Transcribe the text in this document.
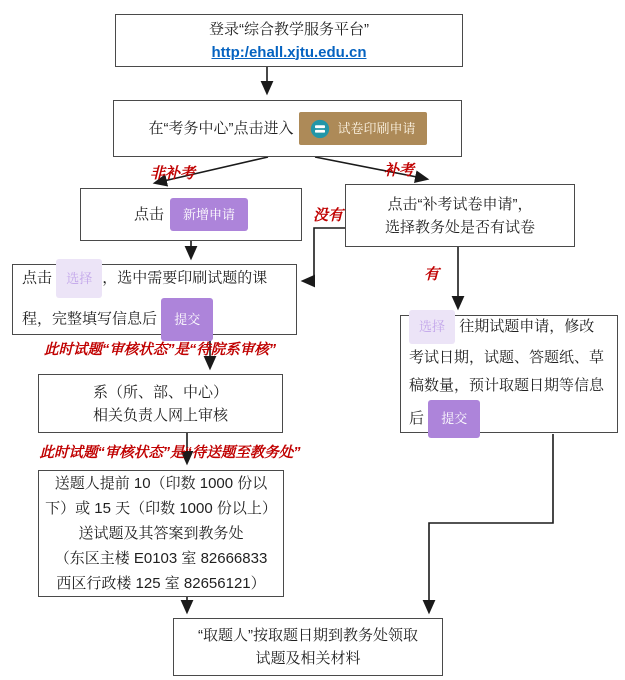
登录“综合教学服务平台”
http:/ehall.xjtu.edu.cn
在“考务中心”点击进入	试卷印刷申请
非补考	补考
点击	新增申请
点击“补考试卷申请”，
选择教务处是否有试卷
没有
有
点击 选择 ，选中需要印刷试题的课程，完整填写信息后 提交
此时试题“审核状态”是“待院系审核”
系（所、部、中心）
相关负责人网上审核
此时试题“审核状态”是“待送题至教务处”
送题人提前 10（印数 1000 份以
下）或 15 天（印数 1000 份以上）
送试题及其答案到教务处
（东区主楼 E0103 室 82666833
西区行政楼 125 室 82656121）
选择 往期试题申请，修改考试日期，试题、答题纸、草稿数量，预计取题日期等信息后 提交
“取题人”按取题日期到教务处领取
试题及相关材料
